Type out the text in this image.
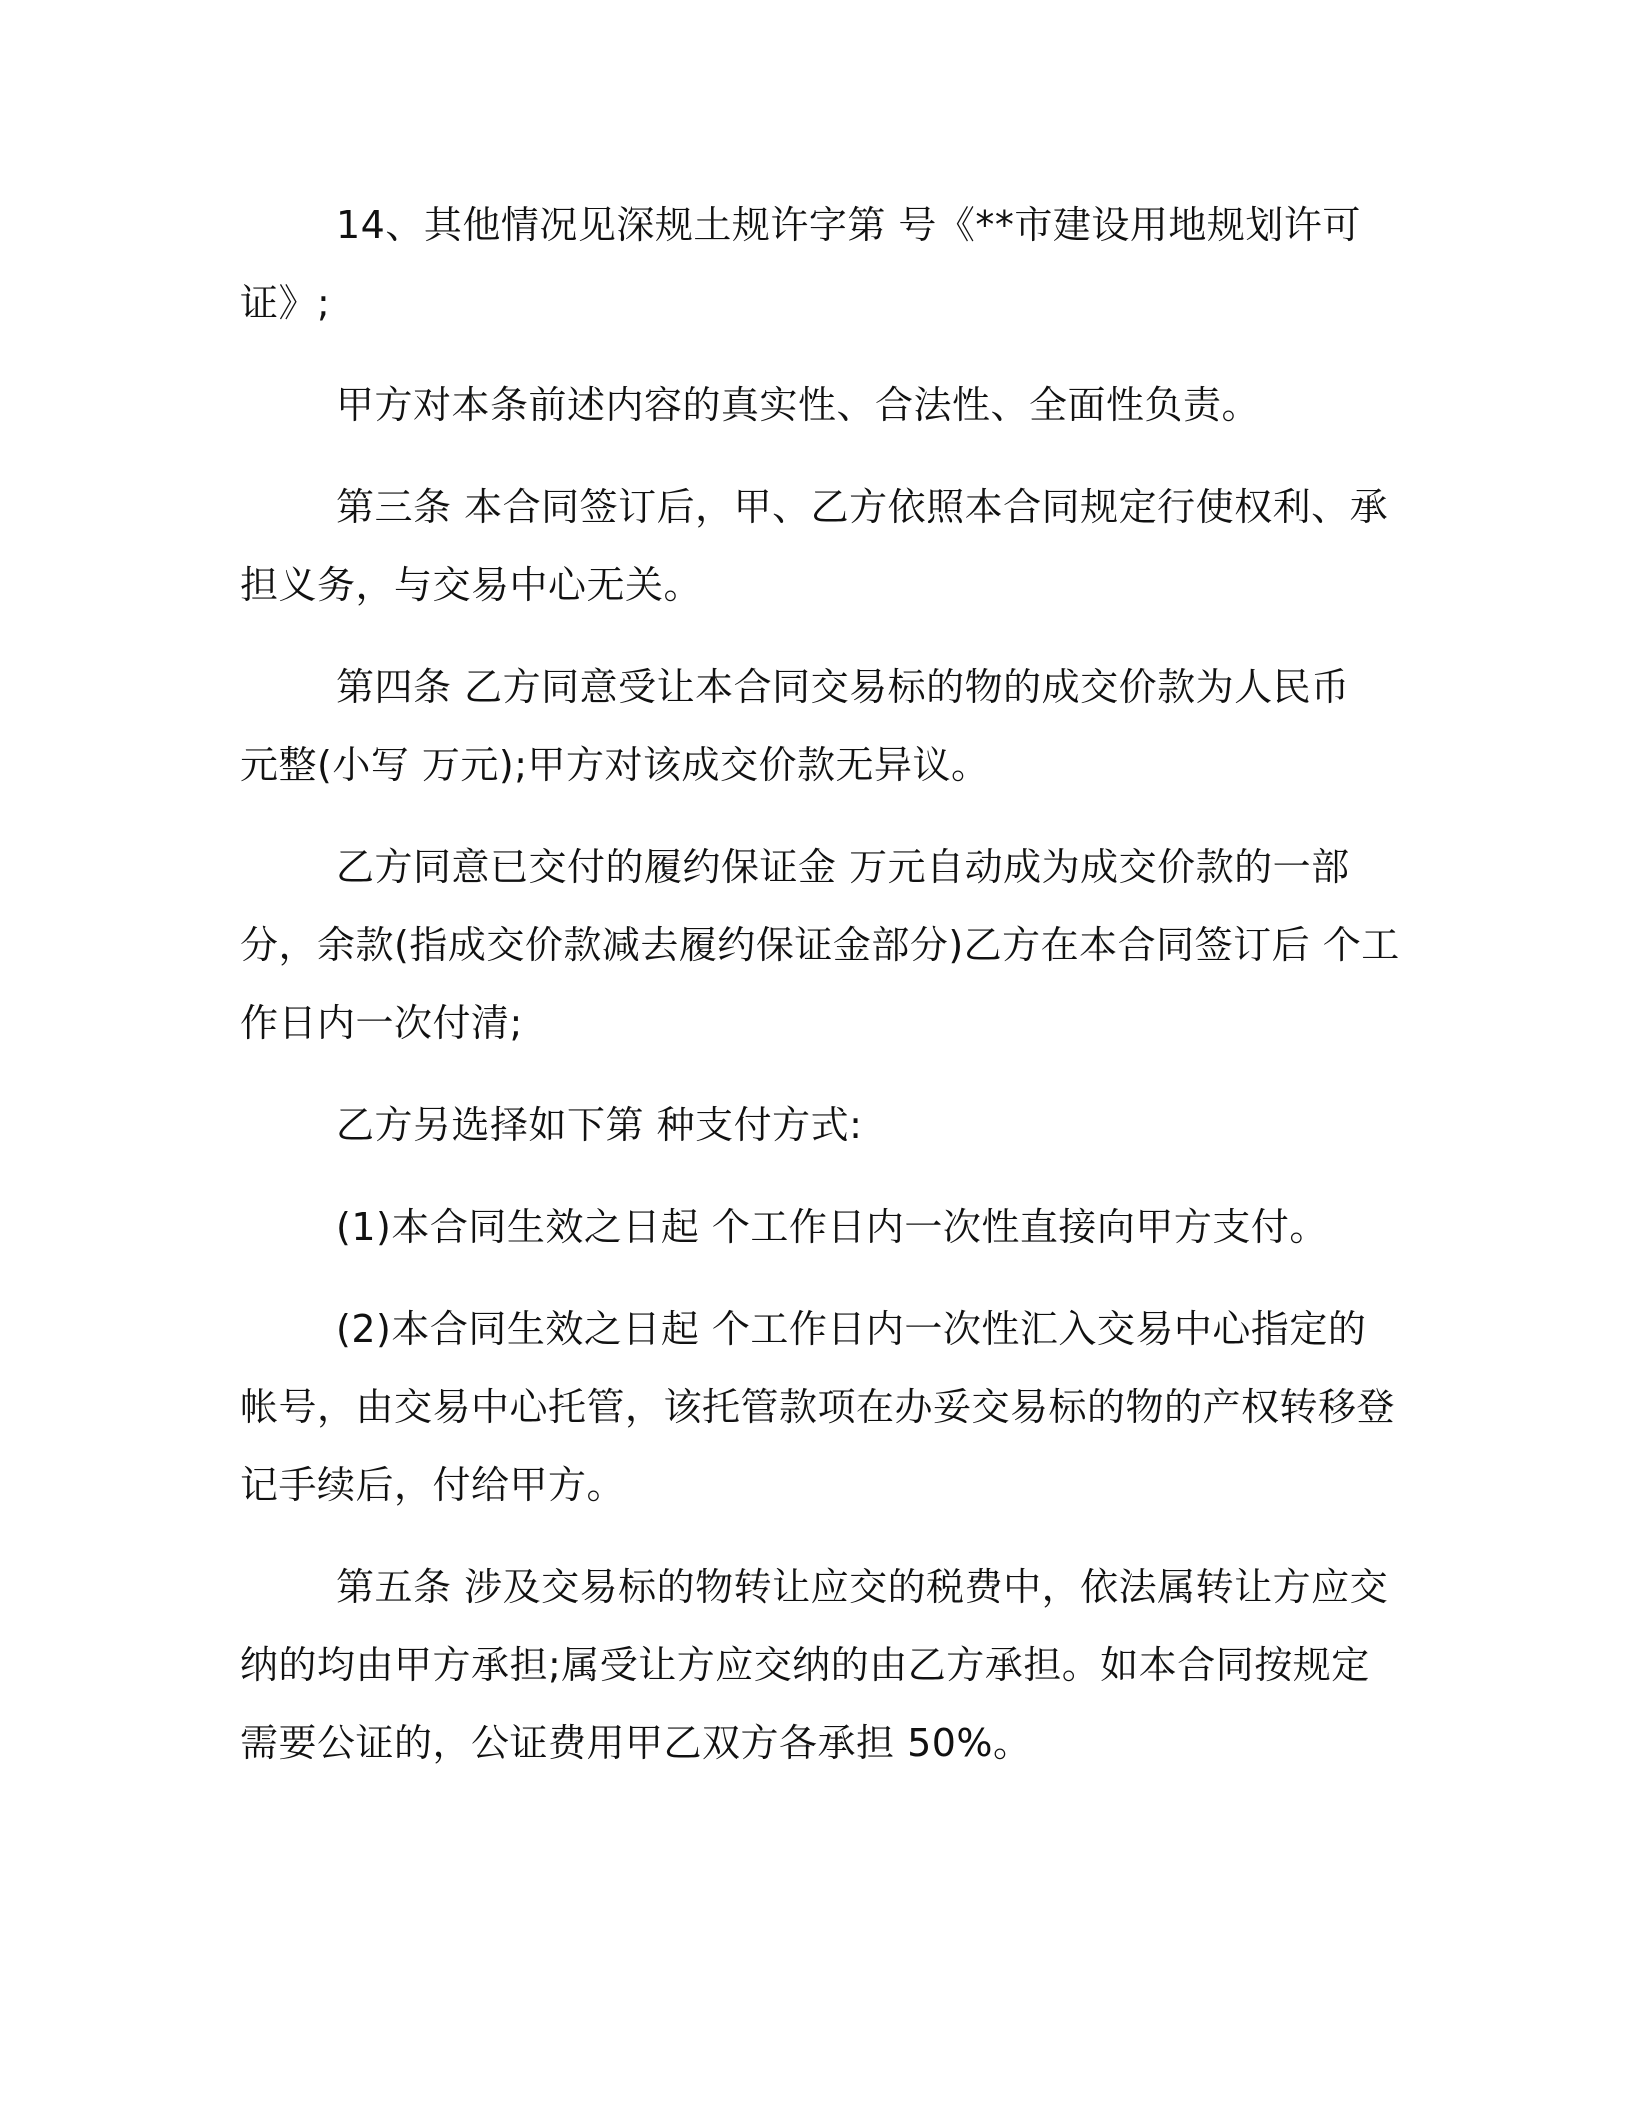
14、其他情况见深规土规许字第 号《**市建设用地规划许可证》;

甲方对本条前述内容的真实性、合法性、全面性负责。

第三条 本合同签订后，甲、乙方依照本合同规定行使权利、承担义务，与交易中心无关。

第四条 乙方同意受让本合同交易标的物的成交价款为人民币 元整(小写 万元);甲方对该成交价款无异议。

乙方同意已交付的履约保证金 万元自动成为成交价款的一部分，余款(指成交价款减去履约保证金部分)乙方在本合同签订后 个工作日内一次付清;

乙方另选择如下第 种支付方式:

(1)本合同生效之日起 个工作日内一次性直接向甲方支付。

(2)本合同生效之日起 个工作日内一次性汇入交易中心指定的帐号，由交易中心托管，该托管款项在办妥交易标的物的产权转移登记手续后，付给甲方。

第五条 涉及交易标的物转让应交的税费中，依法属转让方应交纳的均由甲方承担;属受让方应交纳的由乙方承担。如本合同按规定需要公证的，公证费用甲乙双方各承担 50%。
